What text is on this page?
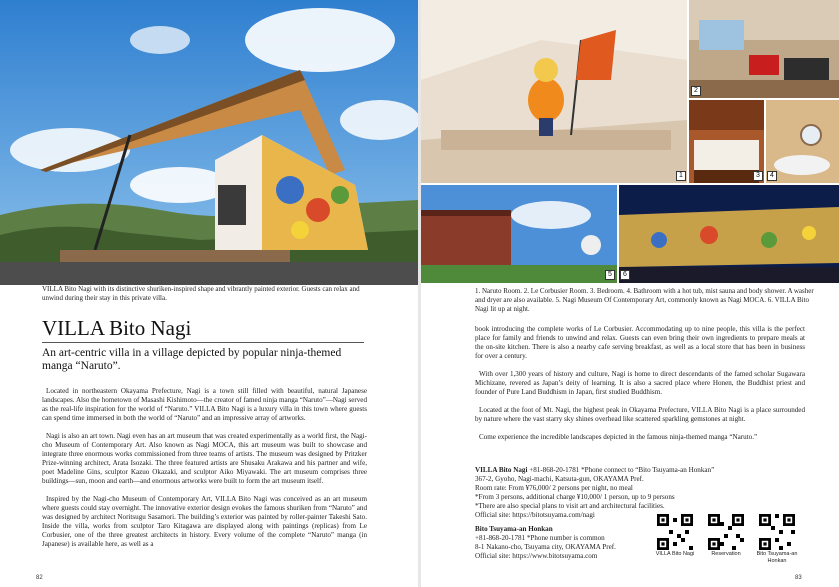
VILLA Bito Nagi with its distinctive shuriken-inspired shape and vibrantly painted exterior. Guests can relax and unwind during their stay in this private villa.
VILLA Bito Nagi
An art-centric villa in a village depicted by popular ninja-themed manga “Naruto”.

Located in northeastern Okayama Prefecture, Nagi is a town still filled with beautiful, natural Japanese landscapes. Also the hometown of Masashi Kishimoto—the creator of famed ninja manga “Naruto”—Nagi served as the real-life inspiration for the world of “Naruto.” VILLA Bito Nagi is a luxury villa in this town where guests can spend time immersed in both the world of “Naruto” and an impressive array of artworks.

Nagi is also an art town. Nagi even has an art museum that was created experimentally as a world first, the Nagi-cho Museum of Contemporary Art. Also known as Nagi MOCA, this art museum was built to showcase and integrate three enormous works commissioned from three teams of artists. The museum was designed by Pritzker Prize-winning architect, Arata Isozaki. The three featured artists are Shusaku Arakawa and his partner and wife, poet Madeline Gins, sculptor Kazuo Okazaki, and sculptor Aiko Miyawaki. The art museum comprises three buildings—sun, moon and earth—and enormous artworks were built to form the art museum itself.

Inspired by the Nagi-cho Museum of Contemporary Art, VILLA Bito Nagi was conceived as an art museum where guests could stay overnight. The innovative exterior design evokes the famous shuriken from “Naruto” and was designed by architect Noritsugu Sasamori. The building’s exterior was painted by roller-painter Takeshi Sato. Inside the villa, works from sculptor Taro Kitagawa are displayed along with paintings (replicas) from Le Corbusier, one of the three greatest architects in history. Every volume of the complete “Naruto” manga (in Japanese) is available here, as well as a

82
1
2
3	4
5	6
1. Naruto Room. 2. Le Corbusier Room. 3. Bedroom. 4. Bathroom with a hot tub, mist sauna and body shower. A washer and dryer are also available. 5. Nagi Museum Of Contemporary Art, commonly known as Nagi MOCA. 6. VILLA Bito Nagi lit up at night.

book introducing the complete works of Le Corbusier. Accommodating up to nine people, this villa is the perfect place for family and friends to unwind and relax. Guests can even bring their own ingredients to prepare meals at the on-site kitchen. There is also a nearby cafe serving breakfast, as well as a local store that has been in business for over a century.

With over 1,300 years of history and culture, Nagi is home to direct descendants of the famed scholar Sugawara Michizane, revered as Japan’s deity of learning. It is also a sacred place where Honen, the Buddhist priest and founder of Pure Land Buddhism in Japan, first studied Buddhism.

Located at the foot of Mt. Nagi, the highest peak in Okayama Prefecture, VILLA Bito Nagi is a place surrounded by nature where the vast starry sky shines overhead like scattered sparkling gemstones at night.

Come experience the incredible landscapes depicted in the famous ninja-themed manga “Naruto.”

VILLA Bito Nagi +81-868-20-1781 *Phone connect to “Bito Tsuyama-an Honkan”
367-2, Gyoho, Nagi-machi, Katsuta-gun, OKAYAMA Pref.
Room rate: From ¥76,000/ 2 persons per night, no meal
*From 3 persons, additional charge ¥10,000/ 1 person, up to 9 persons
*There are also special plans to visit art and architectural facilities.
Official site: https://bitotsuyama.com/nagi
Bito Tsuyama-an Honkan
+81-868-20-1781 *Phone number is common
8-1 Nakano-cho, Tsuyama city, OKAYAMA Pref.
Official site: https://www.bitotsuyama.com	VILLA Bito Nagi	Reservation	Bito Tsuyama-an Honkan
83
